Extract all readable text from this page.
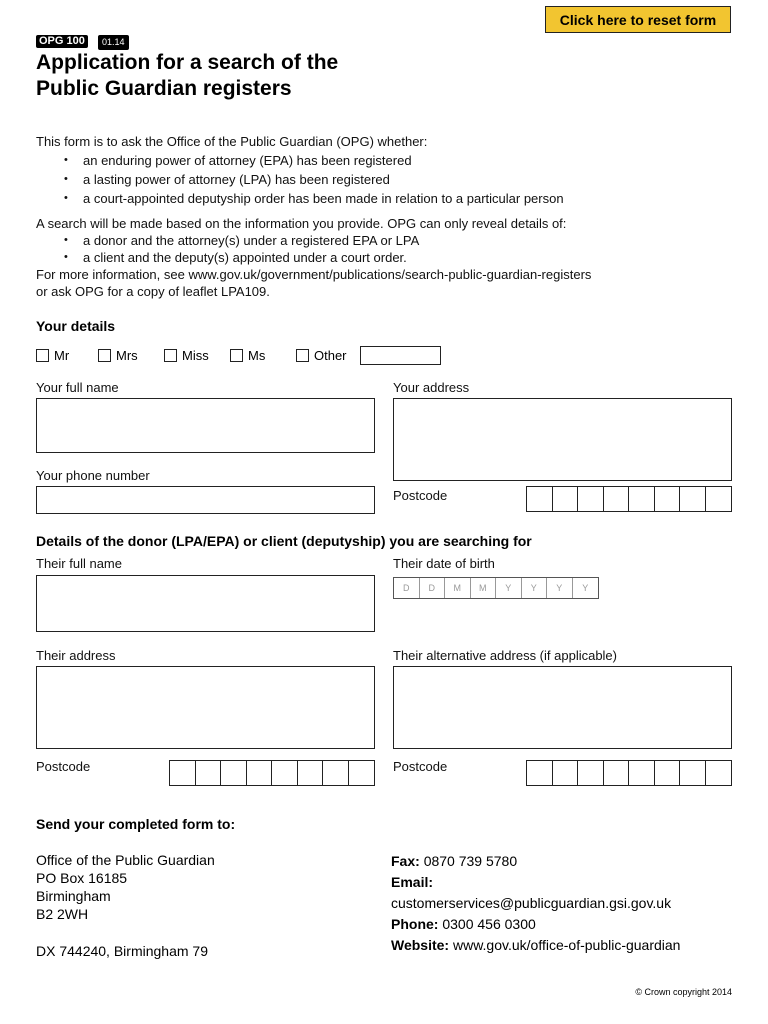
Click here to reset form
OPG 100	01.14
Application for a search of the
Public Guardian registers
This form is to ask the Office of the Public Guardian (OPG) whether:
• an enduring power of attorney (EPA) has been registered
• a lasting power of attorney (LPA) has been registered
• a court-appointed deputyship order has been made in relation to a particular person
A search will be made based on the information you provide. OPG can only reveal details of:
• a donor and the attorney(s) under a registered EPA or LPA
• a client and the deputy(s) appointed under a court order.
For more information, see www.gov.uk/government/publications/search-public-guardian-registers
or ask OPG for a copy of leaflet LPA109.
Your details
Mr	Mrs	Miss	Ms	Other
Your full name	Your address
Your phone number
Postcode
Details of the donor (LPA/EPA) or client (deputyship) you are searching for
Their full name	Their date of birth
D	D	M	M	Y	Y	Y	Y
Their address	Their alternative address (if applicable)
Postcode	Postcode
Send your completed form to:
Office of the Public Guardian
PO Box 16185
Birmingham
B2 2WH
DX 744240, Birmingham 79
Fax: 0870 739 5780
Email:
customerservices@publicguardian.gsi.gov.uk
Phone: 0300 456 0300
Website: www.gov.uk/office-of-public-guardian
© Crown copyright 2014
